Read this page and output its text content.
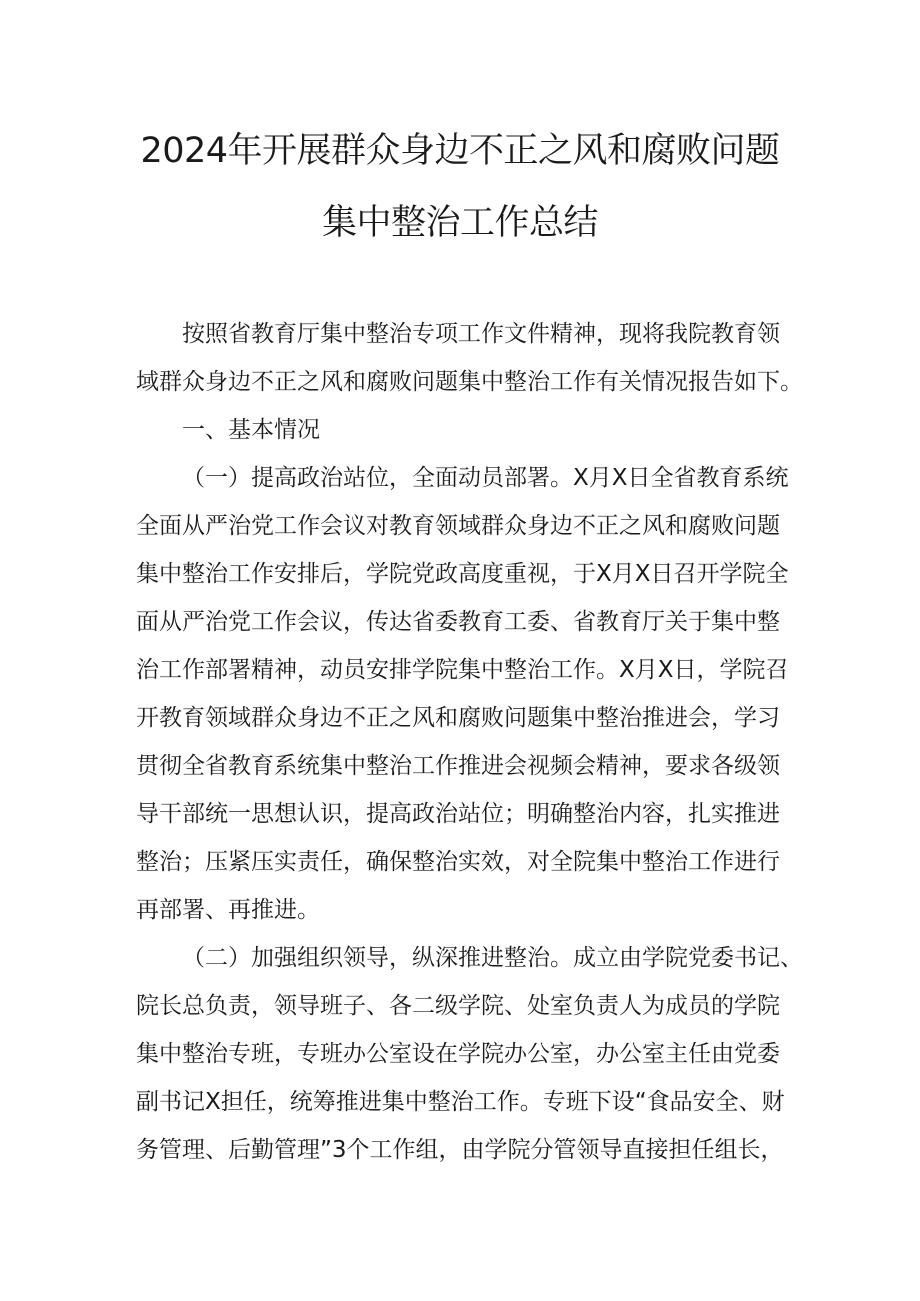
2024年开展群众身边不正之风和腐败问题
集中整治工作总结
按照省教育厅集中整治专项工作文件精神，现将我院教育领
域群众身边不正之风和腐败问题集中整治工作有关情况报告如下。
一、基本情况
（一）提高政治站位，全面动员部署。X月X日全省教育系统
全面从严治党工作会议对教育领域群众身边不正之风和腐败问题
集中整治工作安排后，学院党政高度重视，于X月X日召开学院全
面从严治党工作会议，传达省委教育工委、省教育厅关于集中整
治工作部署精神，动员安排学院集中整治工作。X月X日，学院召
开教育领域群众身边不正之风和腐败问题集中整治推进会，学习
贯彻全省教育系统集中整治工作推进会视频会精神，要求各级领
导干部统一思想认识，提高政治站位；明确整治内容，扎实推进
整治；压紧压实责任，确保整治实效，对全院集中整治工作进行
再部署、再推进。
（二）加强组织领导，纵深推进整治。成立由学院党委书记、
院长总负责，领导班子、各二级学院、处室负责人为成员的学院
集中整治专班，专班办公室设在学院办公室，办公室主任由党委
副书记X担任，统筹推进集中整治工作。专班下设“食品安全、财
务管理、后勤管理”3个工作组，由学院分管领导直接担任组长，
